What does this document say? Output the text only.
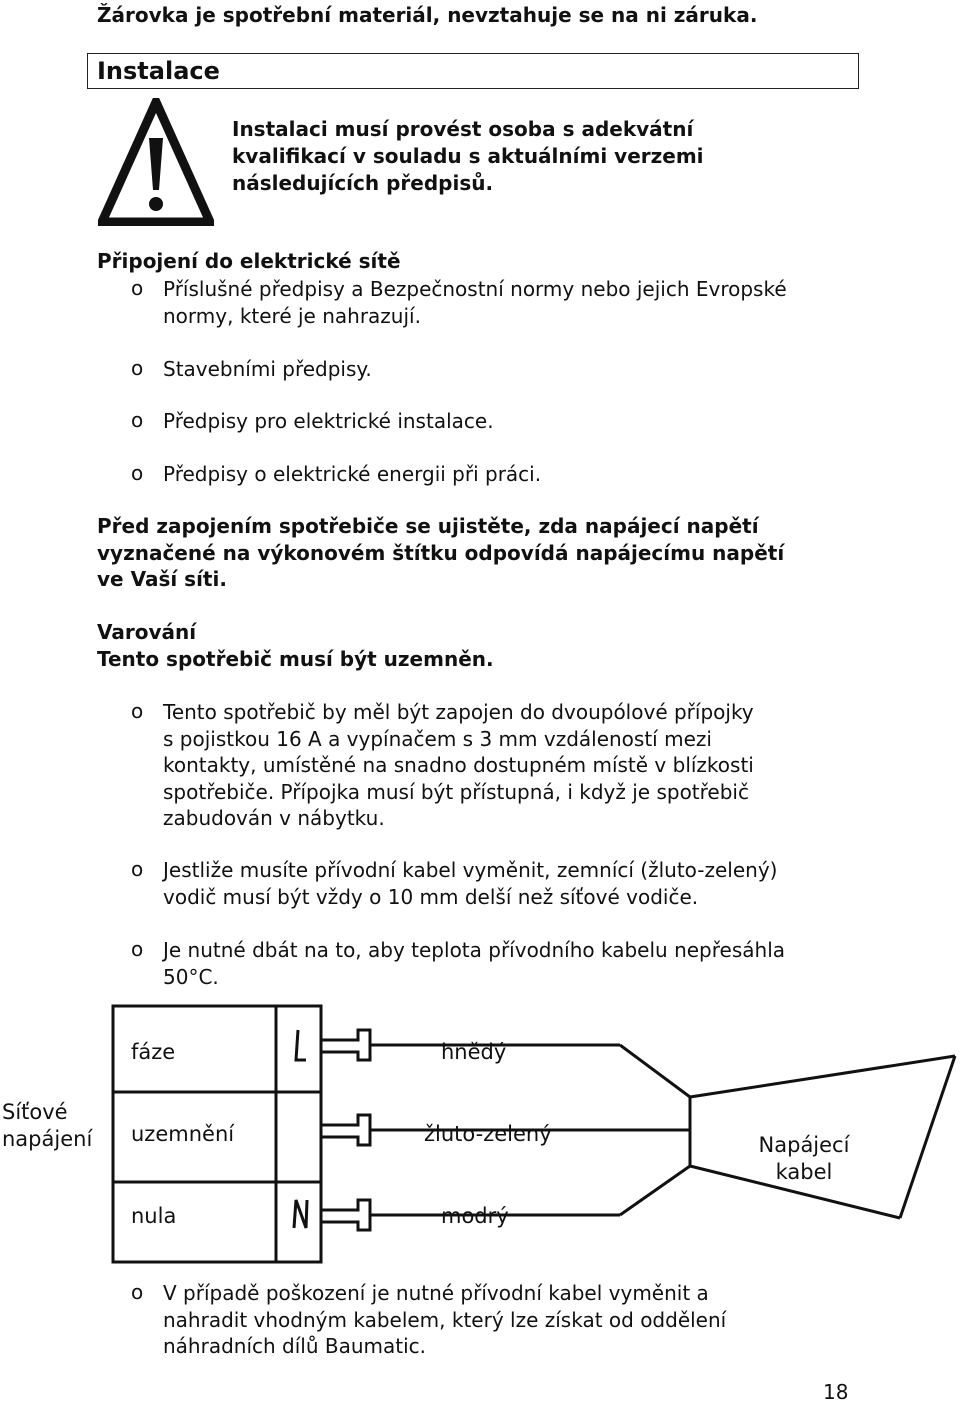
Žárovka je spotřební materiál, nevztahuje se na ni záruka.
Instalace
Instalaci musí provést osoba s adekvátní
kvalifikací v souladu s aktuálními verzemi
následujících předpisů.
Připojení do elektrické sítě
o Příslušné předpisy a Bezpečnostní normy nebo jejich Evropské
normy, které je nahrazují.
o Stavebními předpisy.
o Předpisy pro elektrické instalace.
o Předpisy o elektrické energii při práci.
Před zapojením spotřebiče se ujistěte, zda napájecí napětí
vyznačené na výkonovém štítku odpovídá napájecímu napětí
ve Vaší síti.
Varování
Tento spotřebič musí být uzemněn.
o Tento spotřebič by měl být zapojen do dvoupólové přípojky
s pojistkou 16 A a vypínačem s 3 mm vzdáleností mezi
kontakty, umístěné na snadno dostupném místě v blízkosti
spotřebiče. Přípojka musí být přístupná, i když je spotřebič
zabudován v nábytku.
o Jestliže musíte přívodní kabel vyměnit, zemnící (žluto-zelený)
vodič musí být vždy o 10 mm delší než síťové vodiče.
o Je nutné dbát na to, aby teplota přívodního kabelu nepřesáhla
50°C.
Síťové
napájení
fáze
uzemnění
nula
hnědý
žluto-zelený
modrý
Napájecí
kabel
o V případě poškození je nutné přívodní kabel vyměnit a
nahradit vhodným kabelem, který lze získat od oddělení
náhradních dílů Baumatic.
18
